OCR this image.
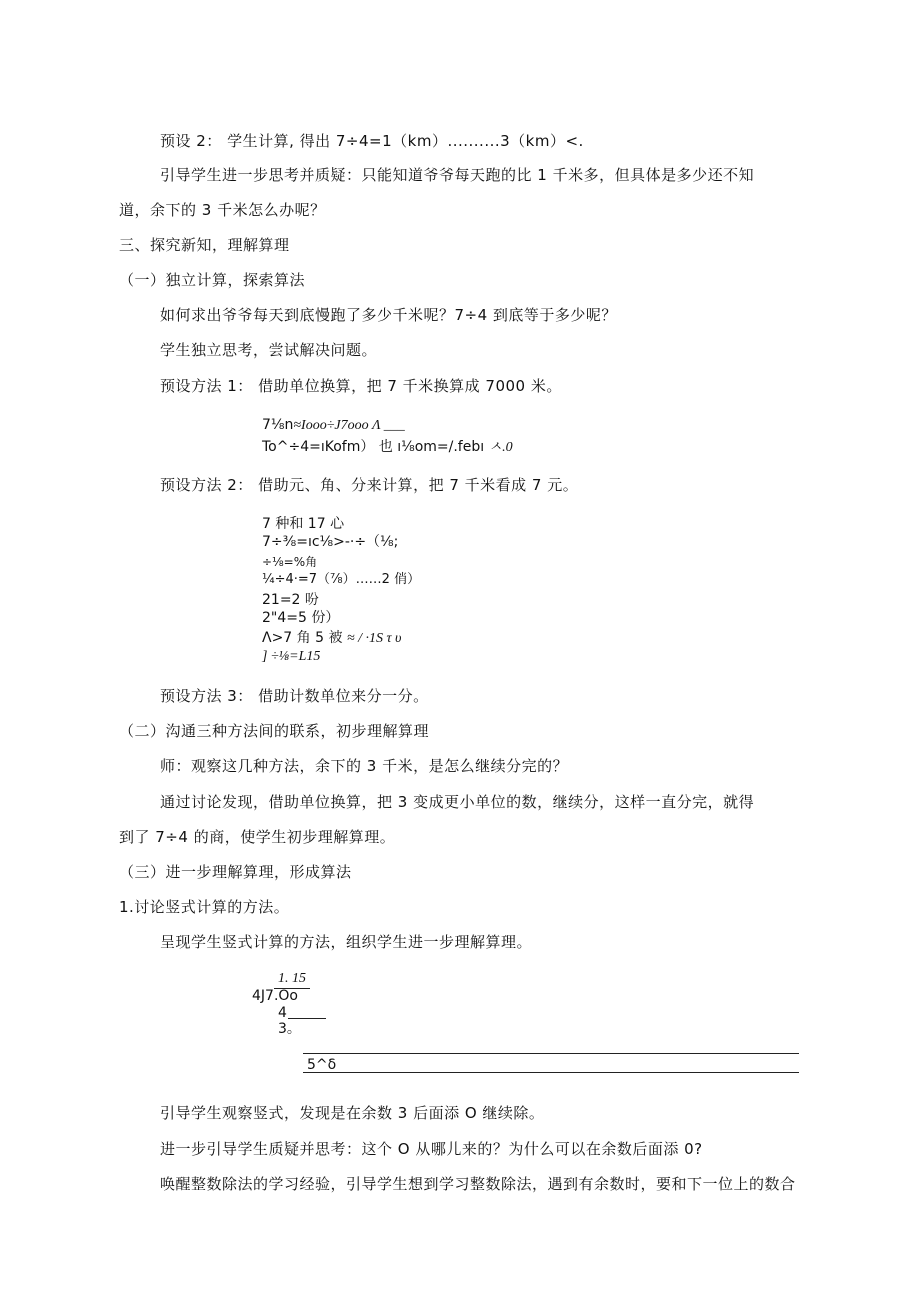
预设 2： 学生计算, 得出 7÷4=1（km）..........3（km）<.
引导学生进一步思考并质疑：只能知道爷爷每天跑的比 1 千米多，但具体是多少还不知
道，余下的 3 千米怎么办呢？
三、探究新知，理解算理
（一）独立计算，探索算法
如何求出爷爷每天到底慢跑了多少千米呢？7÷4 到底等于多少呢？
学生独立思考，尝试解决问题。
预设方法 1： 借助单位换算，把 7 千米换算成 7000 米。
7⅛n≈Iooo÷J7ooo Λ ___
To^÷4=ıKofm） 也 ı⅛om=/.febı ㅅ.0
预设方法 2： 借助元、角、分来计算，把 7 千米看成 7 元。
7 种和 17 心
7÷⅜=ıc⅛>-·÷（⅛;
÷⅛=%角
¼÷4·=7（⅞）……2 俏）
21=2 吩
2"4=5 份）
Λ>7 角 5 被 ≈ / ·1S τ υ
] ÷⅛=L15
预设方法 3： 借助计数单位来分一分。
（二）沟通三种方法间的联系，初步理解算理
师：观察这几种方法，余下的 3 千米，是怎么继续分完的？
通过讨论发现，借助单位换算，把 3 变成更小单位的数，继续分，这样一直分完，就得
到了 7÷4 的商，使学生初步理解算理。
（三）进一步理解算理，形成算法
1.讨论竖式计算的方法。
呈现学生竖式计算的方法，组织学生进一步理解算理。
1. 15
4J7.Oo
4
3。
5^δ
引导学生观察竖式，发现是在余数 3 后面添 O 继续除。
进一步引导学生质疑并思考：这个 O 从哪儿来的？为什么可以在余数后面添 0?
唤醒整数除法的学习经验，引导学生想到学习整数除法，遇到有余数时，要和下一位上的数合
